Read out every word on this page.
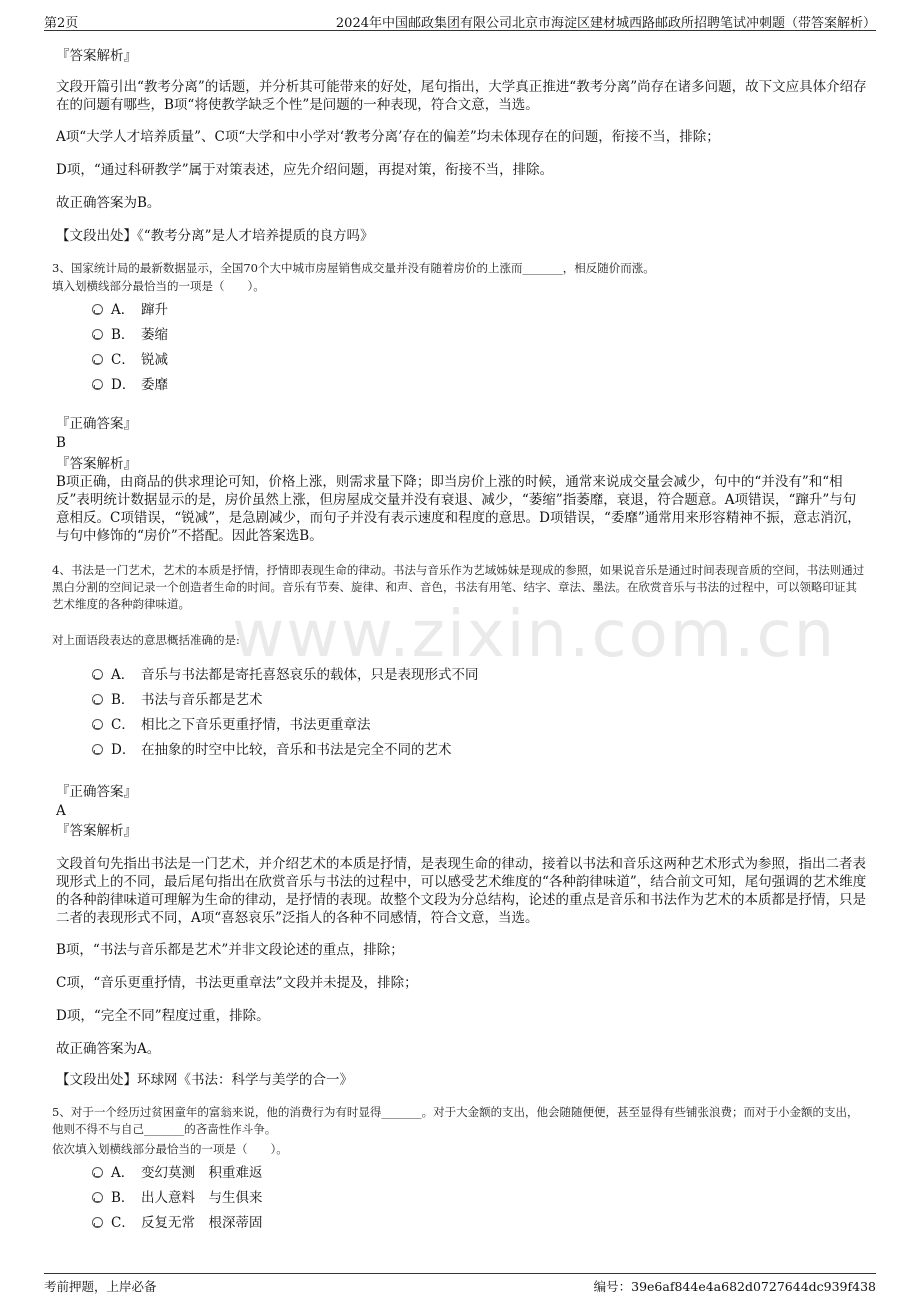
第2页	2024年中国邮政集团有限公司北京市海淀区建材城西路邮政所招聘笔试冲刺题（带答案解析）
『答案解析』
文段开篇引出“教考分离”的话题，并分析其可能带来的好处，尾句指出，大学真正推进“教考分离”尚存在诸多问题，故下文应具体介绍存在的问题有哪些，B项“将使教学缺乏个性”是问题的一种表现，符合文意，当选。
A项“大学人才培养质量”、C项“大学和中小学对‘教考分离’存在的偏差”均未体现存在的问题，衔接不当，排除；
D项，“通过科研教学”属于对策表述，应先介绍问题，再提对策，衔接不当，排除。
故正确答案为B。
【文段出处】《“教考分离”是人才培养提质的良方吗》
3、国家统计局的最新数据显示，全国70个大中城市房屋销售成交量并没有随着房价的上涨而_______，相反随价而涨。
填入划横线部分最恰当的一项是（　　）。
A． 蹿升
B． 萎缩
C． 锐减
D． 委靡
『正确答案』
B
『答案解析』
B项正确，由商品的供求理论可知，价格上涨，则需求量下降；即当房价上涨的时候，通常来说成交量会减少，句中的“并没有”和“相反”表明统计数据显示的是，房价虽然上涨，但房屋成交量并没有衰退、减少，“萎缩”指萎靡，衰退，符合题意。A项错误，“蹿升”与句意相反。C项错误，“锐减”，是急剧减少，而句子并没有表示速度和程度的意思。D项错误，“委靡”通常用来形容精神不振，意志消沉，与句中修饰的“房价”不搭配。因此答案选B。
4、书法是一门艺术，艺术的本质是抒情，抒情即表现生命的律动。书法与音乐作为艺域姊妹是现成的参照，如果说音乐是通过时间表现音质的空间，书法则通过黑白分割的空间记录一个创造者生命的时间。音乐有节奏、旋律、和声、音色，书法有用笔、结字、章法、墨法。在欣赏音乐与书法的过程中，可以领略印证其艺术维度的各种韵律味道。
对上面语段表达的意思概括准确的是:
www.zixin.com.cn
A． 音乐与书法都是寄托喜怒哀乐的载体，只是表现形式不同
B． 书法与音乐都是艺术
C． 相比之下音乐更重抒情，书法更重章法
D． 在抽象的时空中比较，音乐和书法是完全不同的艺术
『正确答案』
A
『答案解析』
文段首句先指出书法是一门艺术，并介绍艺术的本质是抒情，是表现生命的律动，接着以书法和音乐这两种艺术形式为参照，指出二者表现形式上的不同，最后尾句指出在欣赏音乐与书法的过程中，可以感受艺术维度的“各种韵律味道”，结合前文可知，尾句强调的艺术维度的各种韵律味道可理解为生命的律动，是抒情的表现。故整个文段为分总结构，论述的重点是音乐和书法作为艺术的本质都是抒情，只是二者的表现形式不同，A项“喜怒哀乐”泛指人的各种不同感情，符合文意，当选。
B项，“书法与音乐都是艺术”并非文段论述的重点，排除；
C项，“音乐更重抒情，书法更重章法”文段并未提及，排除；
D项，“完全不同”程度过重，排除。
故正确答案为A。
【文段出处】环球网《书法：科学与美学的合一》
5、对于一个经历过贫困童年的富翁来说，他的消费行为有时显得_______。对于大金额的支出，他会随随便便，甚至显得有些铺张浪费；而对于小金额的支出，他则不得不与自己_______的吝啬性作斗争。
依次填入划横线部分最恰当的一项是（　　）。
A． 变幻莫测　积重难返
B． 出人意料　与生俱来
C． 反复无常　根深蒂固
考前押题，上岸必备	编号：39e6af844e4a682d0727644dc939f438
